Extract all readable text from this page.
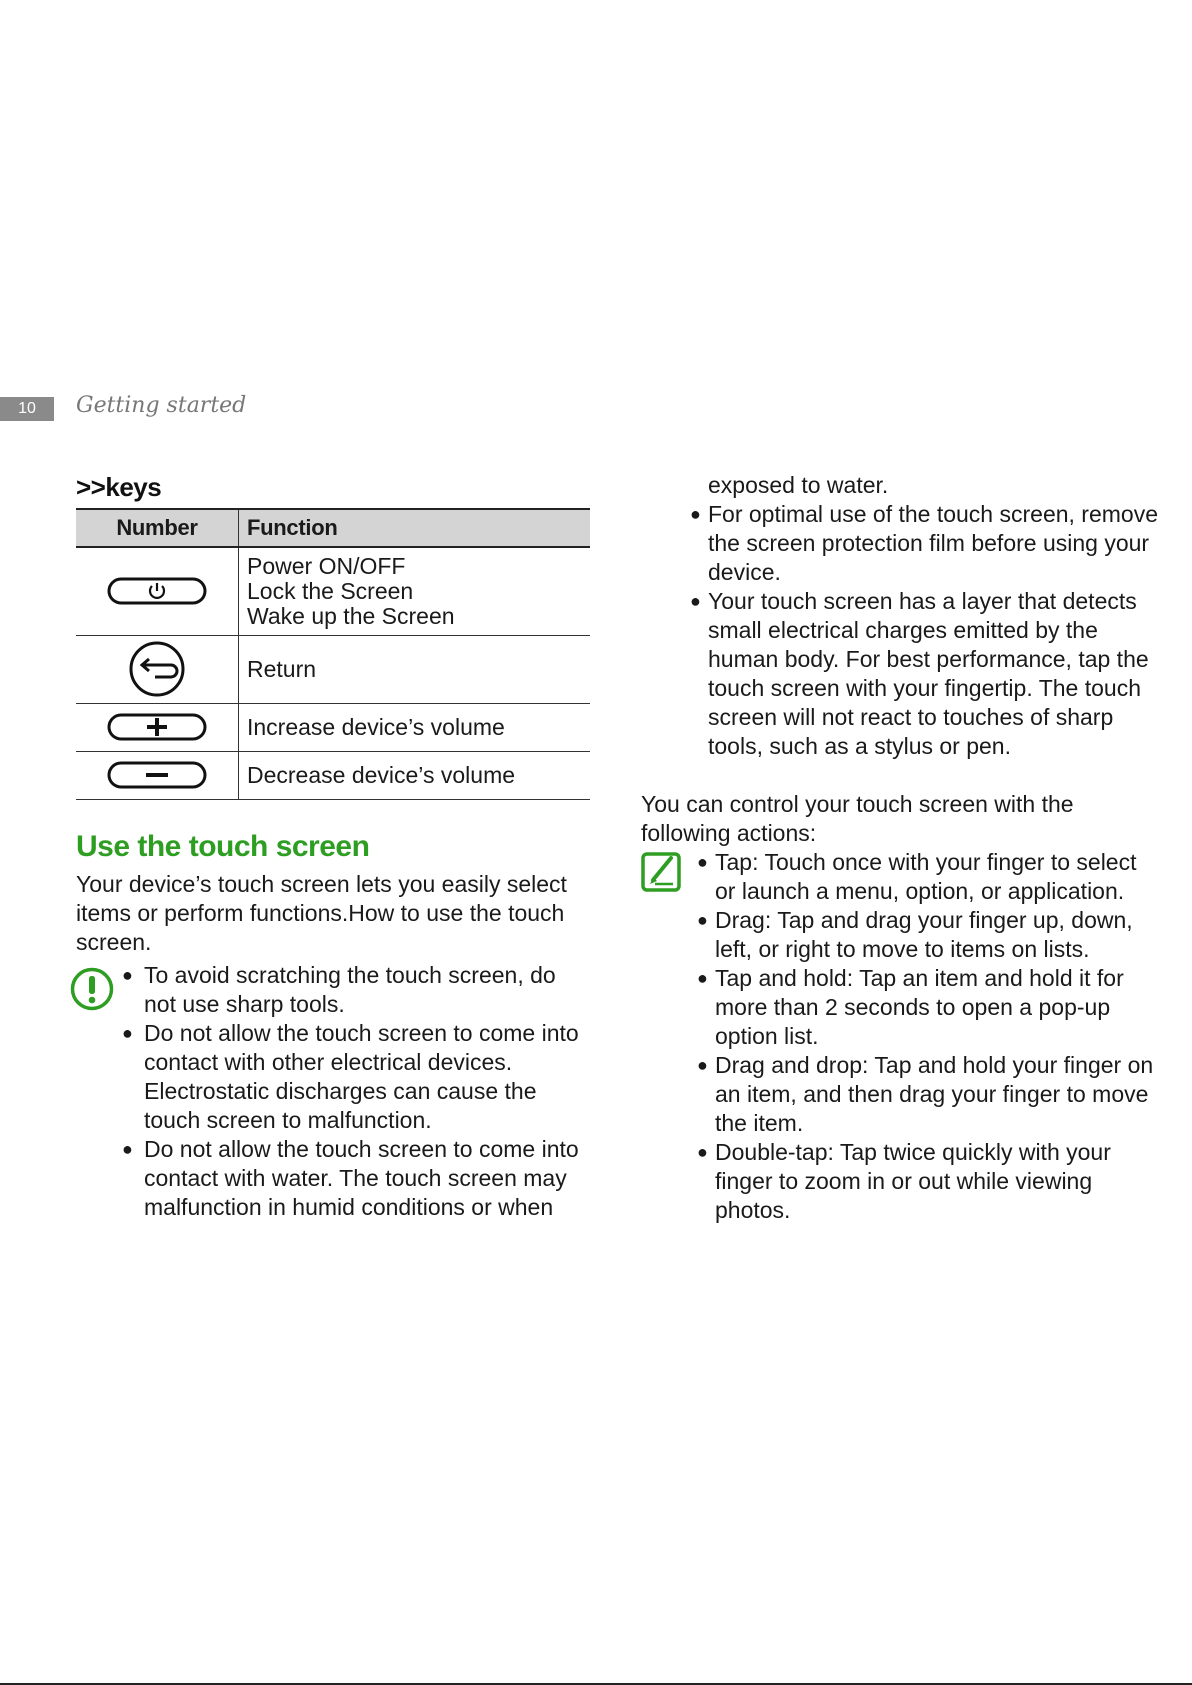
10	Getting started
>>keys
Number	Function

Power ON/OFF
Lock the Screen
Wake up the Screen

	Return
	Increase device’s volume
	Decrease device’s volume
Use the touch screen

Your device’s touch screen lets you easily select items or perform functions.How to use the touch screen.

● To avoid scratching the touch screen, do not use sharp tools.
● Do not allow the touch screen to come into contact with other electrical devices. Electrostatic discharges can cause the touch screen to malfunction.
● Do not allow the touch screen to come into contact with water. The touch screen may malfunction in humid conditions or when

exposed to water.

● For optimal use of the touch screen, remove the screen protection film before using your device.
● Your touch screen has a layer that detects small electrical charges emitted by the human body. For best performance, tap the touch screen with your fingertip. The touch screen will not react to touches of sharp tools, such as a stylus or pen.

You can control your touch screen with the following actions:

● Tap: Touch once with your finger to select or launch a menu, option, or application.
● Drag: Tap and drag your finger up, down, left, or right to move to items on lists.
● Tap and hold: Tap an item and hold it for more than 2 seconds to open a pop-up option list.
● Drag and drop: Tap and hold your finger on an item, and then drag your finger to move the item.
● Double-tap: Tap twice quickly with your finger to zoom in or out while viewing photos.
